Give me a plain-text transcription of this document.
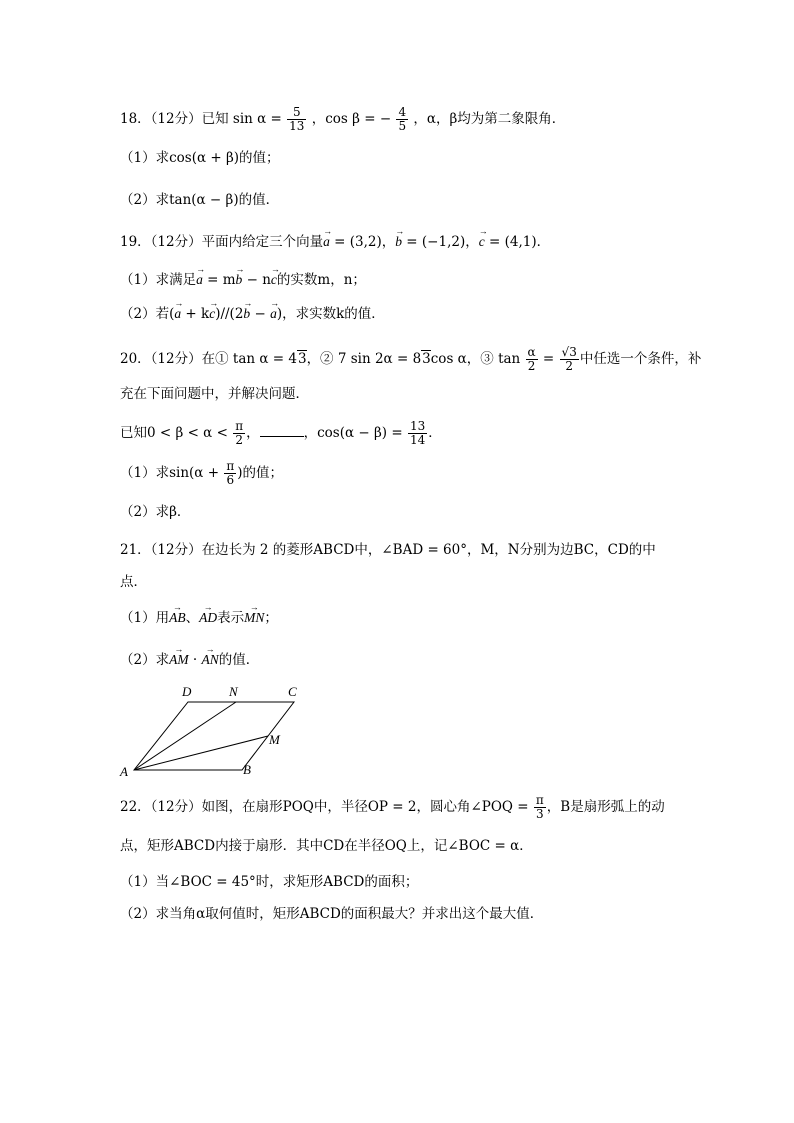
18．（12分）已知 $\sin \alpha = \frac{5}{13}$ ，cos β = − $\frac{4}{5}$ ，α，β均为第二象限角．
（1）求cos(α + β)的值；
（2）求tan(α − β)的值．
19．（12分）平面内给定三个向量→ a = (3,2)，→ b = (−1,2)，→ c = (4,1)．
（1）求满足→ a = m→ b − n→ c的实数m，n；
（2）若(→ a + k→ c)//(2→ b − → a)，求实数k的值．
20．（12分）在① tan α = 43，② 7 sin 2α = 83cos α，③ $\tan \frac{\alpha}{2} = \frac{√3}{2}$ 中任选一个条件，补
充在下面问题中，并解决问题．
已知$0 < \beta < \alpha < \frac{\pi}{2}$ ，	，$\cos(\alpha - \beta) = \frac{13}{14}$ ．
（1）求$\sin(\alpha + \frac{\pi}{6}$ )的值；
（2）求β．
21．（12分）在边长为 2 的菱形ABCD中，∠BAD = 60°，M，N分别为边BC，CD的中
点．
（1）用→ AB、→ AD表示→ MN；
（2）求→ AM · → AN的值．
A	B
C
D
M
N
22．（12分）如图，在扇形POQ中，半径OP = 2，圆心角∠POQ = $\frac{\pi}{3}$ ，B是扇形弧上的动
点，矩形ABCD内接于扇形．其中CD在半径OQ上，记∠BOC = α．
（1）当∠BOC = 45°时，求矩形ABCD的面积；
（2）求当角α取何值时，矩形ABCD的面积最大？并求出这个最大值．
